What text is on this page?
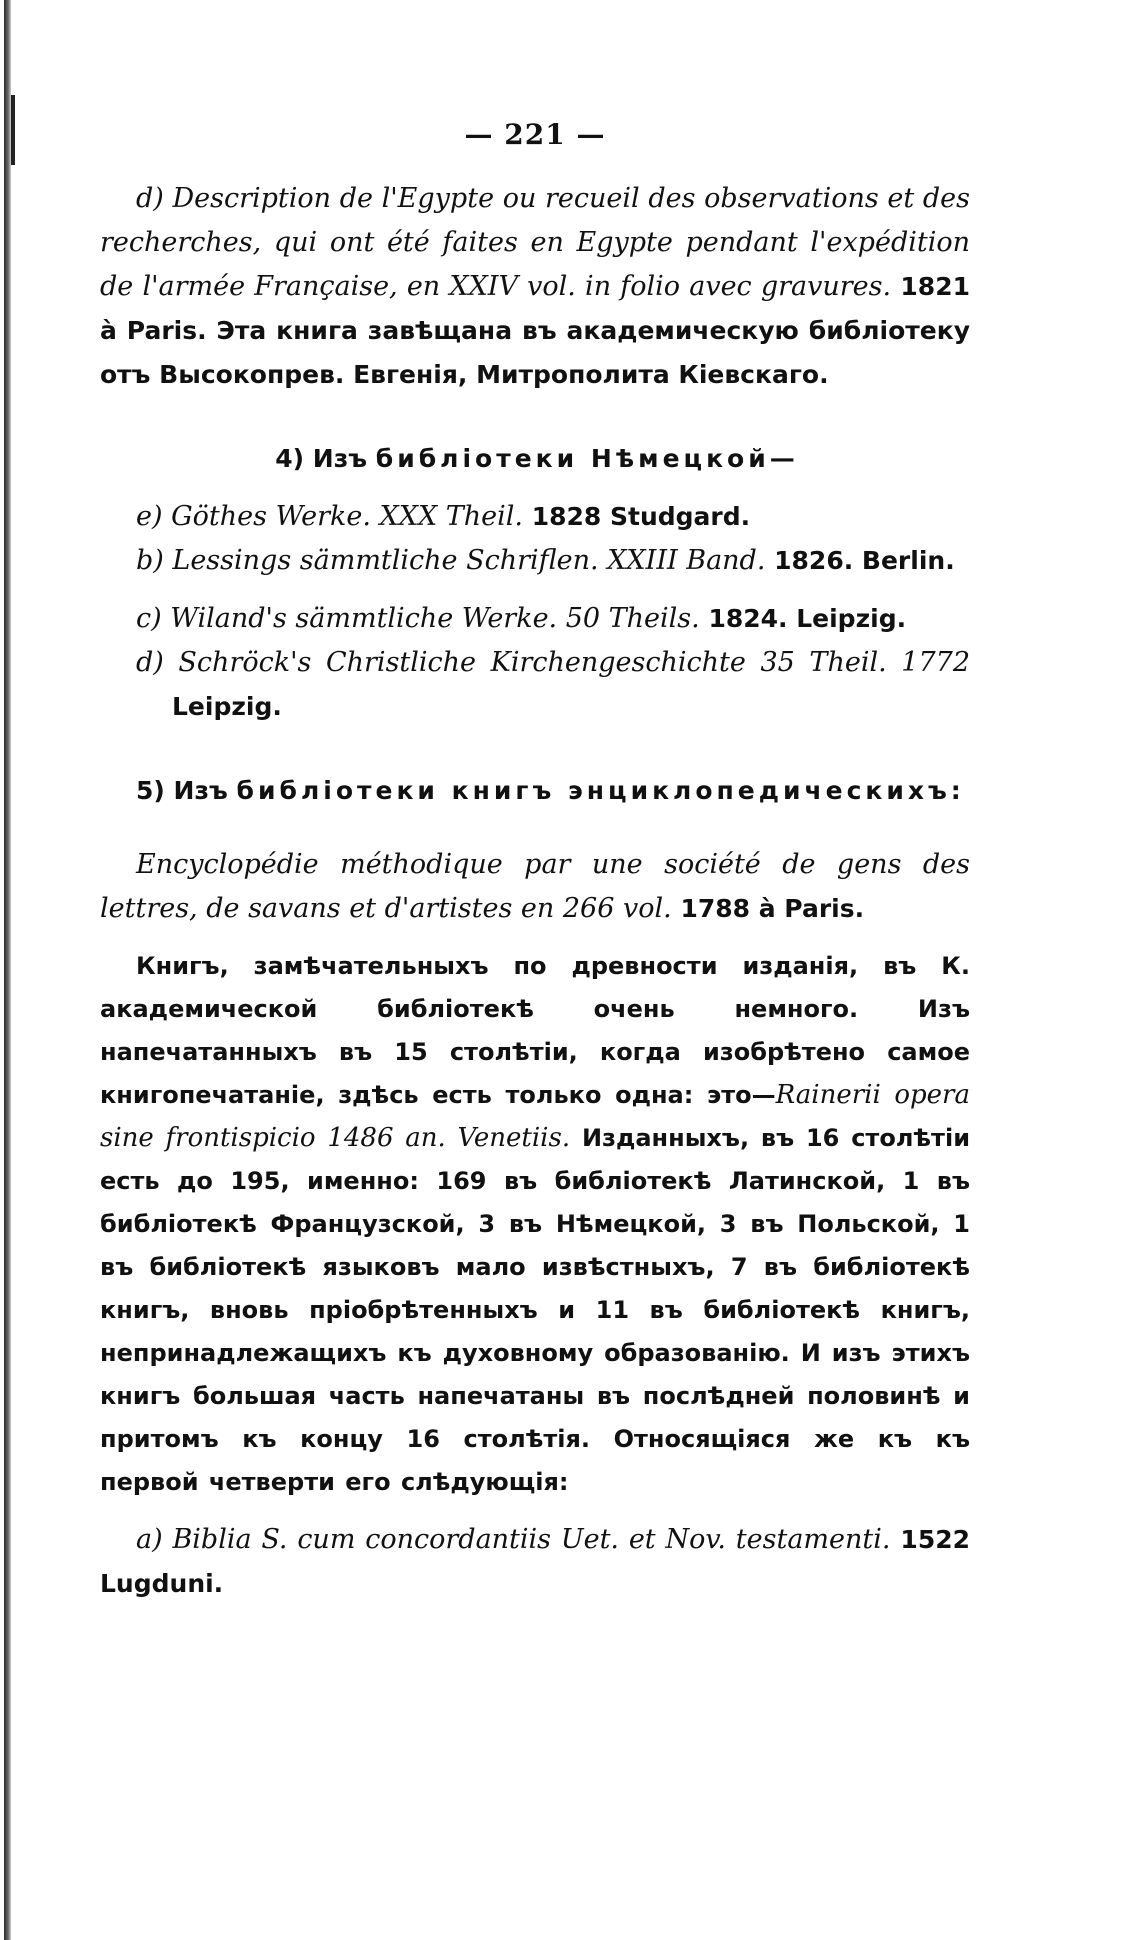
— 221 —

d) Description de l'Egypte ou recueil des observations et des recherches, qui ont été faites en Egypte pendant l'expédition de l'armée Française, en XXIV vol. in folio avec gravures. 1821 à Paris. Эта книга завѣщана въ академическую библіотеку отъ Высокопрев. Евгенія, Митрополита Кіевскаго.

4) Изъ библіотеки Нѣмецкой—

e) Göthes Werke. XXX Theil. 1828 Studgard.

b) Lessings sämmtliche Schriflen. XXIII Band. 1826. Berlin.

c) Wiland's sämmtliche Werke. 50 Theils. 1824. Leipzig.

d) Schröck's Christliche Kirchengeschichte 35 Theil. 1772 Leipzig.

5) Изъ библіотеки книгъ энциклопедическихъ:

Encyclopédie méthodique par une société de gens des lettres, de savans et d'artistes en 266 vol. 1788 à Paris.

Книгъ, замѣчательныхъ по древности изданія, въ К. академической библіотекѣ очень немного. Изъ напечатанныхъ въ 15 столѣтіи, когда изобрѣтено самое книгопечатаніе, здѣсь есть только одна: это—Rainerii opera sine frontispicio 1486 an. Venetiis. Изданныхъ, въ 16 столѣтіи есть до 195, именно: 169 въ библіотекѣ Латинской, 1 въ библіотекѣ Французской, 3 въ Нѣмецкой, 3 въ Польской, 1 въ библіотекѣ языковъ мало извѣстныхъ, 7 въ библіотекѣ книгъ, вновь пріобрѣтенныхъ и 11 въ библіотекѣ книгъ, непринадлежащихъ къ духовному образованію. И изъ этихъ книгъ большая часть напечатаны въ послѣдней половинѣ и притомъ къ концу 16 столѣтія. Относящіяся же къ къ первой четверти его слѣдующія:

a) Biblia S. cum concordantiis Uet. et Nov. testamenti. 1522 Lugduni.
